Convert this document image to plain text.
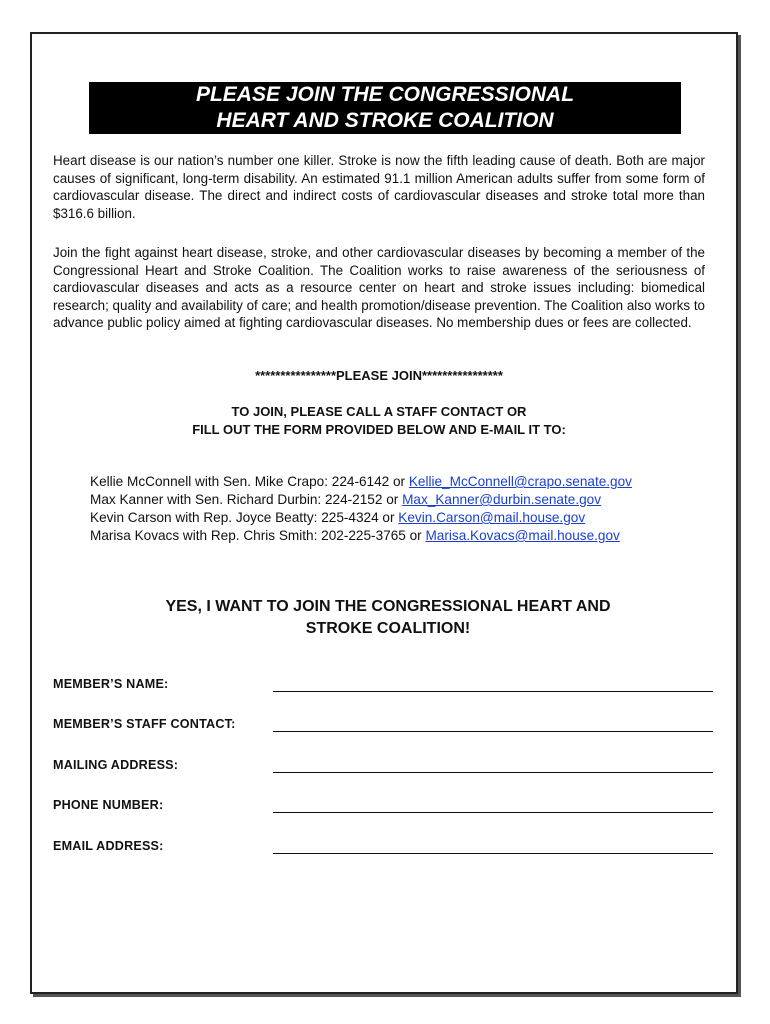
PLEASE JOIN THE CONGRESSIONAL
HEART AND STROKE COALITION

Heart disease is our nation’s number one killer. Stroke is now the fifth leading cause of death. Both are major causes of significant, long-term disability. An estimated 91.1 million American adults suffer from some form of cardiovascular disease. The direct and indirect costs of cardiovascular diseases and stroke total more than $316.6 billion.

Join the fight against heart disease, stroke, and other cardiovascular diseases by becoming a member of the Congressional Heart and Stroke Coalition. The Coalition works to raise awareness of the seriousness of cardiovascular diseases and acts as a resource center on heart and stroke issues including: biomedical research; quality and availability of care; and health promotion/disease prevention. The Coalition also works to advance public policy aimed at fighting cardiovascular diseases. No membership dues or fees are collected.

****************PLEASE JOIN****************
TO JOIN, PLEASE CALL A STAFF CONTACT OR
FILL OUT THE FORM PROVIDED BELOW AND E-MAIL IT TO:
Kellie McConnell with Sen. Mike Crapo: 224-6142 or Kellie_McConnell@crapo.senate.gov
Max Kanner with Sen. Richard Durbin: 224-2152 or Max_Kanner@durbin.senate.gov
Kevin Carson with Rep. Joyce Beatty: 225-4324 or Kevin.Carson@mail.house.gov
Marisa Kovacs with Rep. Chris Smith: 202-225-3765 or Marisa.Kovacs@mail.house.gov
YES, I WANT TO JOIN THE CONGRESSIONAL HEART AND
STROKE COALITION!
MEMBER’S NAME:
MEMBER’S STAFF CONTACT:
MAILING ADDRESS:
PHONE NUMBER:
EMAIL ADDRESS:
